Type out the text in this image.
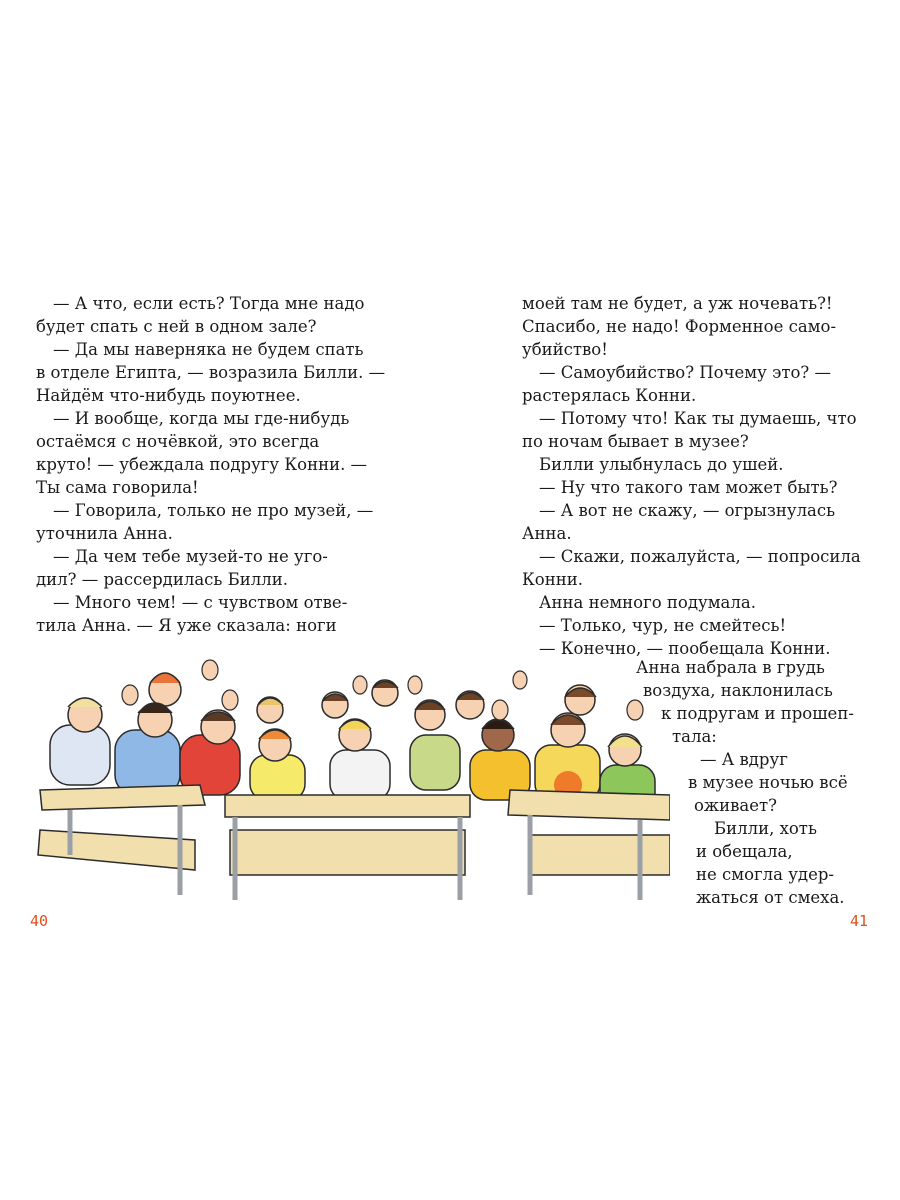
— А что, если есть? Тогда мне надо
будет спать с ней в одном зале?
— Да мы наверняка не будем спать
в отделе Египта, — возразила Билли. —
Найдём что-нибудь поуютнее.
— И вообще, когда мы где-нибудь
остаёмся с ночёвкой, это всегда
круто! — убеждала подругу Конни. —
Ты сама говорила!
— Говорила, только не про музей, —
уточнила Анна.
— Да чем тебе музей-то не уго-
дил? — рассердилась Билли.
— Много чем! — с чувством отве-
тила Анна. — Я уже сказала: ноги
моей там не будет, а уж ночевать?!
Спасибо, не надо! Форменное само-
убийство!
— Самоубийство? Почему это? —
растерялась Конни.
— Потому что! Как ты думаешь, что
по ночам бывает в музее?
Билли улыбнулась до ушей.
— Ну что такого там может быть?
— А вот не скажу, — огрызнулась
Анна.
— Скажи, пожалуйста, — попросила
Конни.
Анна немного подумала.
— Только, чур, не смейтесь!
— Конечно, — пообещала Конни.
Анна набрала в грудь
воздуха, наклонилась
к подругам и прошеп-
тала:
— А вдруг
в музее ночью всё
оживает?
Билли, хоть
и обещала,
не смогла удер-
жаться от смеха.
40	41
